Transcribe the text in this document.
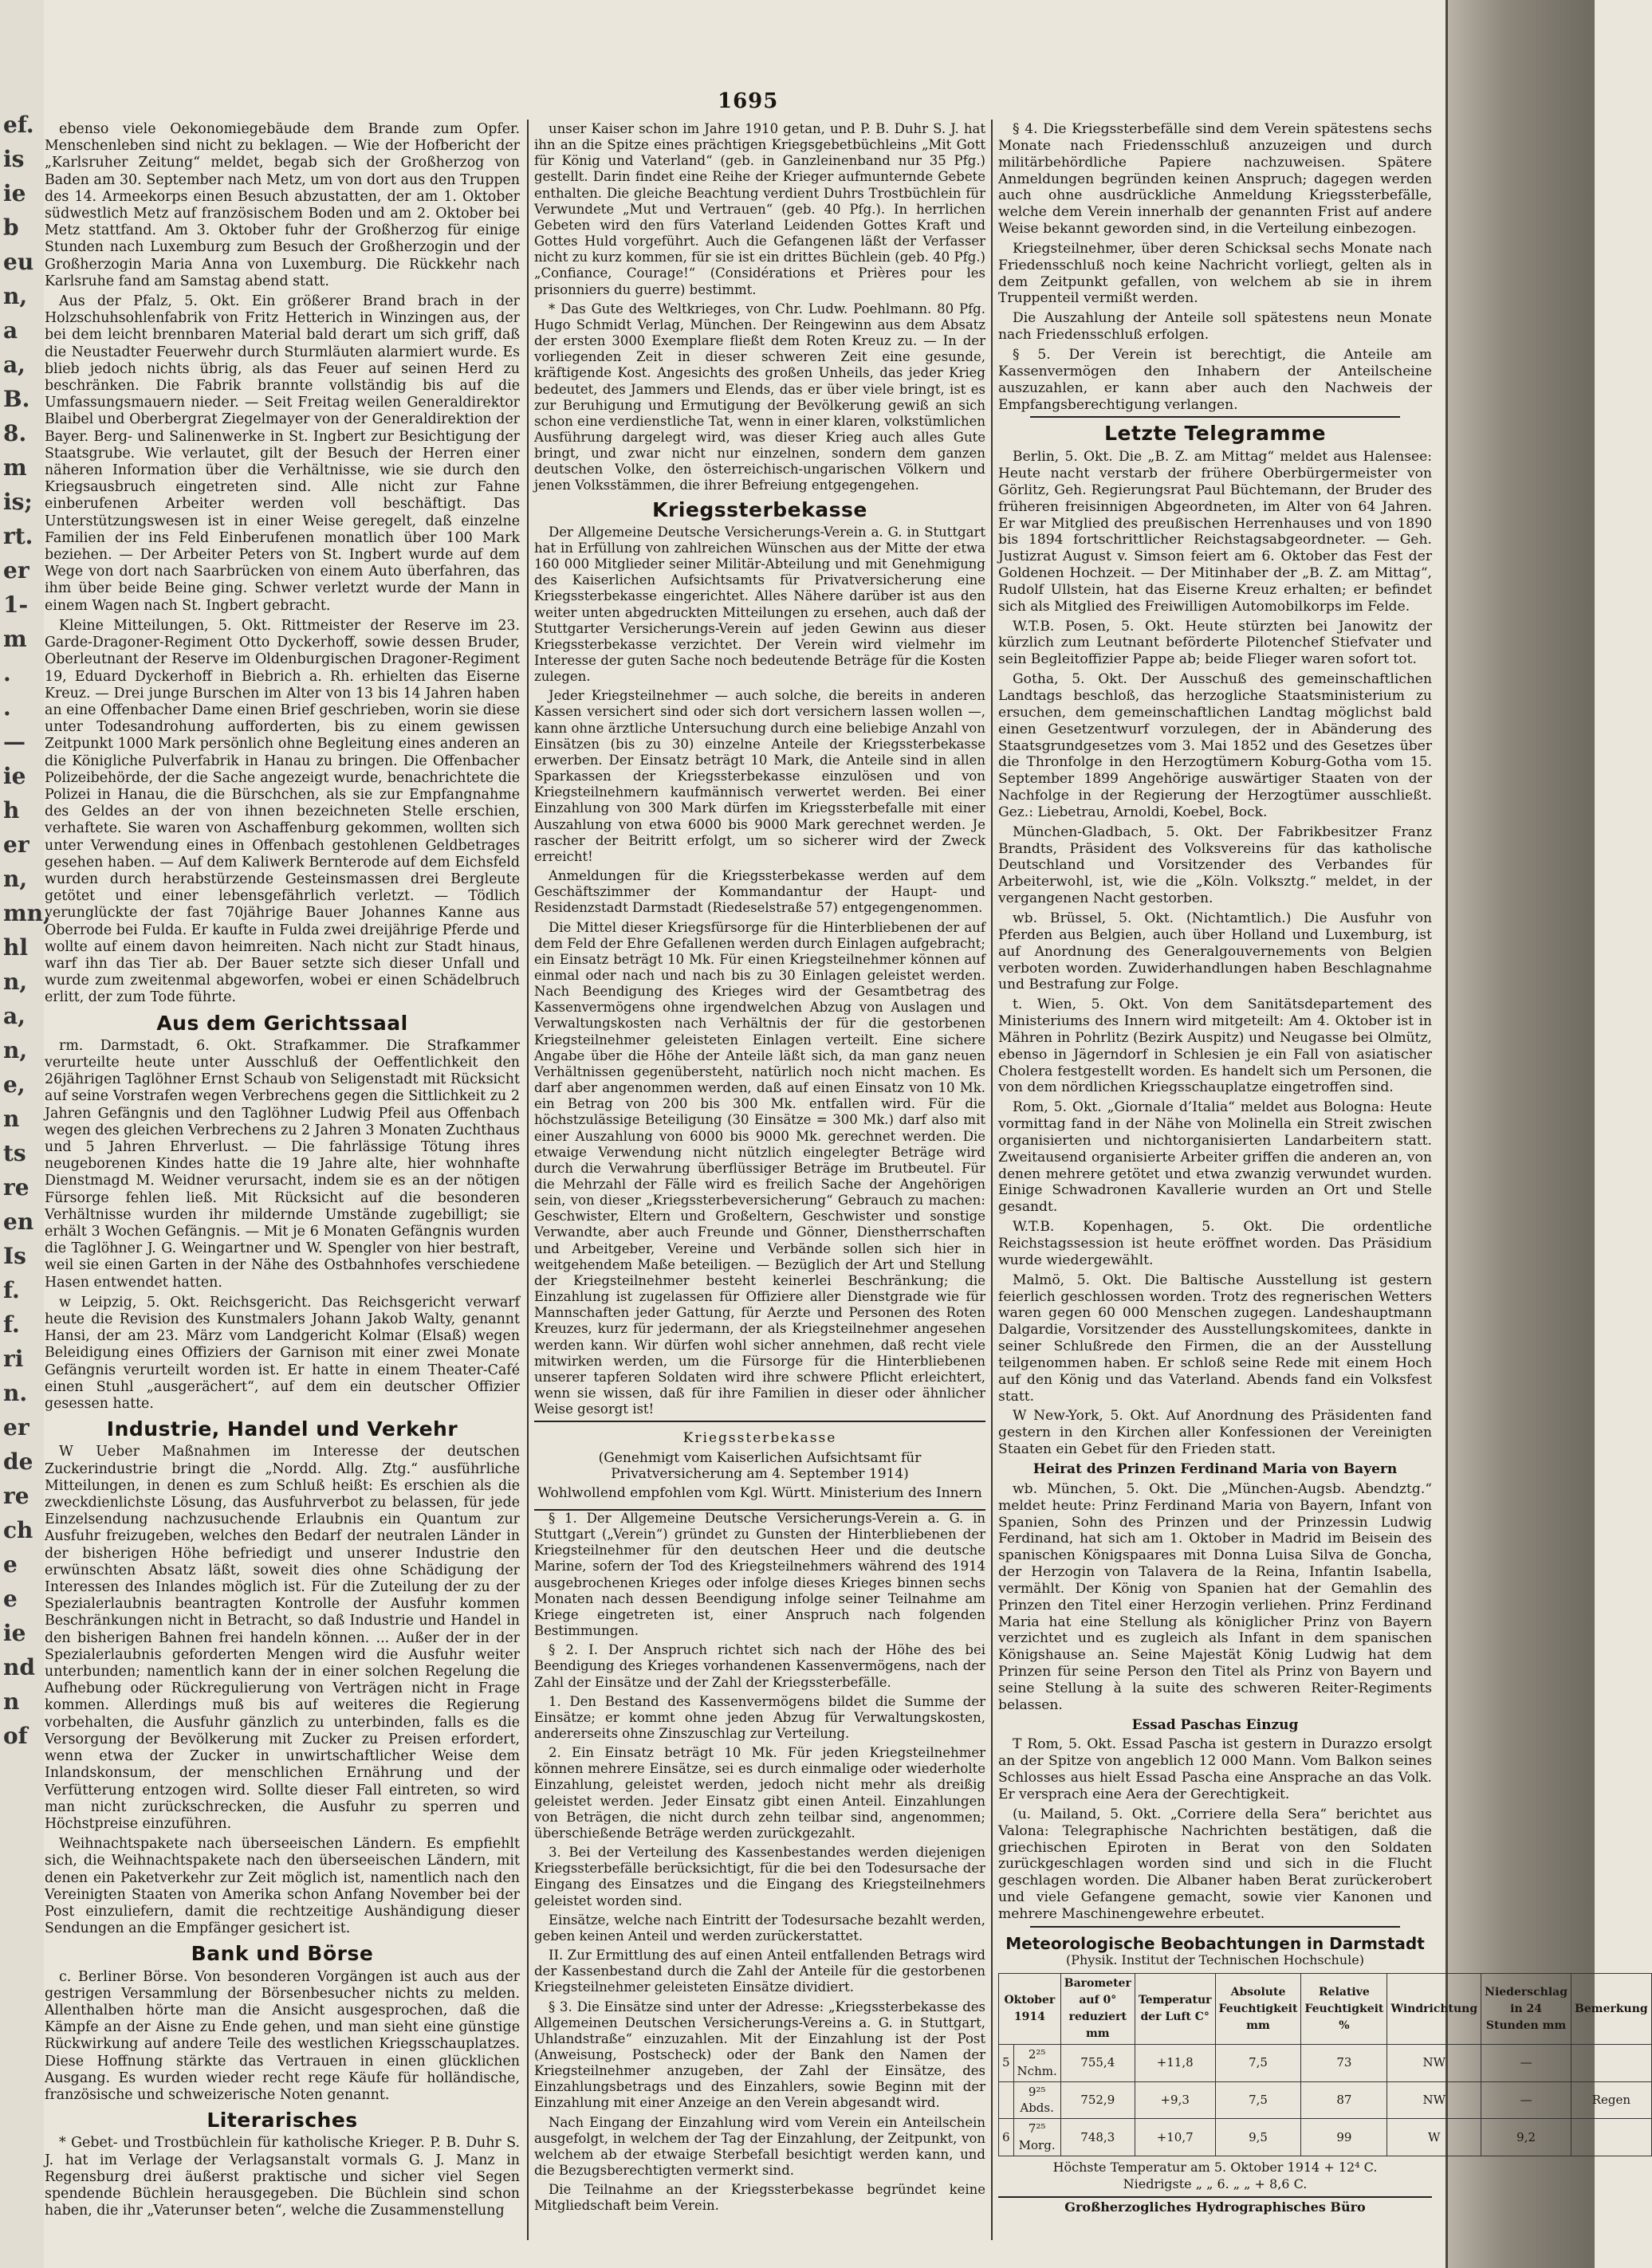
ef.
is
ie
b
eu
n,
a
a,
B.
8.
m
is;
rt.
er
1-
m
.
.
—
ie
h
er
n,
mn,
hl
n,
a,
n,
e,
n
ts
re
en
Is
f.
f.
ri
n.
er
de
re
ch
e
e
ie
nd
n
of
1695

ebenso viele Oekonomiegebäude dem Brande zum Opfer. Menschenleben sind nicht zu beklagen. — Wie der Hofbericht der „Karlsruher Zeitung“ meldet, begab sich der Großherzog von Baden am 30. September nach Metz, um von dort aus den Truppen des 14. Armeekorps einen Besuch abzustatten, der am 1. Oktober südwestlich Metz auf französischem Boden und am 2. Oktober bei Metz stattfand. Am 3. Oktober fuhr der Großherzog für einige Stunden nach Luxemburg zum Besuch der Großherzogin und der Großherzogin Maria Anna von Luxemburg. Die Rückkehr nach Karlsruhe fand am Samstag abend statt.

Aus der Pfalz, 5. Okt. Ein größerer Brand brach in der Holzschuhsohlenfabrik von Fritz Hetterich in Winzingen aus, der bei dem leicht brennbaren Material bald derart um sich griff, daß die Neustadter Feuerwehr durch Sturmläuten alarmiert wurde. Es blieb jedoch nichts übrig, als das Feuer auf seinen Herd zu beschränken. Die Fabrik brannte vollständig bis auf die Umfassungsmauern nieder. — Seit Freitag weilen Generaldirektor Blaibel und Oberbergrat Ziegelmayer von der Generaldirektion der Bayer. Berg- und Salinenwerke in St. Ingbert zur Besichtigung der Staatsgrube. Wie verlautet, gilt der Besuch der Herren einer näheren Information über die Verhältnisse, wie sie durch den Kriegsausbruch eingetreten sind. Alle nicht zur Fahne einberufenen Arbeiter werden voll beschäftigt. Das Unterstützungswesen ist in einer Weise geregelt, daß einzelne Familien der ins Feld Einberufenen monatlich über 100 Mark beziehen. — Der Arbeiter Peters von St. Ingbert wurde auf dem Wege von dort nach Saarbrücken von einem Auto überfahren, das ihm über beide Beine ging. Schwer verletzt wurde der Mann in einem Wagen nach St. Ingbert gebracht.

Kleine Mitteilungen, 5. Okt. Rittmeister der Reserve im 23. Garde-Dragoner-Regiment Otto Dyckerhoff, sowie dessen Bruder, Oberleutnant der Reserve im Oldenburgischen Dragoner-Regiment 19, Eduard Dyckerhoff in Biebrich a. Rh. erhielten das Eiserne Kreuz. — Drei junge Burschen im Alter von 13 bis 14 Jahren haben an eine Offenbacher Dame einen Brief geschrieben, worin sie diese unter Todesandrohung aufforderten, bis zu einem gewissen Zeitpunkt 1000 Mark persönlich ohne Begleitung eines anderen an die Königliche Pulverfabrik in Hanau zu bringen. Die Offenbacher Polizeibehörde, der die Sache angezeigt wurde, benachrichtete die Polizei in Hanau, die die Bürschchen, als sie zur Empfangnahme des Geldes an der von ihnen bezeichneten Stelle erschien, verhaftete. Sie waren von Aschaffenburg gekommen, wollten sich unter Verwendung eines in Offenbach gestohlenen Geldbetrages gesehen haben. — Auf dem Kaliwerk Bernterode auf dem Eichsfeld wurden durch herabstürzende Gesteinsmassen drei Bergleute getötet und einer lebensgefährlich verletzt. — Tödlich verunglückte der fast 70jährige Bauer Johannes Kanne aus Oberrode bei Fulda. Er kaufte in Fulda zwei dreijährige Pferde und wollte auf einem davon heimreiten. Nach nicht zur Stadt hinaus, warf ihn das Tier ab. Der Bauer setzte sich dieser Unfall und wurde zum zweitenmal abgeworfen, wobei er einen Schädelbruch erlitt, der zum Tode führte.

Aus dem Gerichtssaal

rm. Darmstadt, 6. Okt. Strafkammer. Die Strafkammer verurteilte heute unter Ausschluß der Oeffentlichkeit den 26jährigen Taglöhner Ernst Schaub von Seligenstadt mit Rücksicht auf seine Vorstrafen wegen Verbrechens gegen die Sittlichkeit zu 2 Jahren Gefängnis und den Taglöhner Ludwig Pfeil aus Offenbach wegen des gleichen Verbrechens zu 2 Jahren 3 Monaten Zuchthaus und 5 Jahren Ehrverlust. — Die fahrlässige Tötung ihres neugeborenen Kindes hatte die 19 Jahre alte, hier wohnhafte Dienstmagd M. Weidner verursacht, indem sie es an der nötigen Fürsorge fehlen ließ. Mit Rücksicht auf die besonderen Verhältnisse wurden ihr mildernde Umstände zugebilligt; sie erhält 3 Wochen Gefängnis. — Mit je 6 Monaten Gefängnis wurden die Taglöhner J. G. Weingartner und W. Spengler von hier bestraft, weil sie einen Garten in der Nähe des Ostbahnhofes verschiedene Hasen entwendet hatten.

w Leipzig, 5. Okt. Reichsgericht. Das Reichsgericht verwarf heute die Revision des Kunstmalers Johann Jakob Walty, genannt Hansi, der am 23. März vom Landgericht Kolmar (Elsaß) wegen Beleidigung eines Offiziers der Garnison mit einer zwei Monate Gefängnis verurteilt worden ist. Er hatte in einem Theater-Café einen Stuhl „ausgerächert“, auf dem ein deutscher Offizier gesessen hatte.

Industrie, Handel und Verkehr

W Ueber Maßnahmen im Interesse der deutschen Zuckerindustrie bringt die „Nordd. Allg. Ztg.“ ausführliche Mitteilungen, in denen es zum Schluß heißt: Es erschien als die zweckdienlichste Lösung, das Ausfuhrverbot zu belassen, für jede Einzelsendung nachzusuchende Erlaubnis ein Quantum zur Ausfuhr freizugeben, welches den Bedarf der neutralen Länder in der bisherigen Höhe befriedigt und unserer Industrie den erwünschten Absatz läßt, soweit dies ohne Schädigung der Interessen des Inlandes möglich ist. Für die Zuteilung der zu der Spezialerlaubnis beantragten Kontrolle der Ausfuhr kommen Beschränkungen nicht in Betracht, so daß Industrie und Handel in den bisherigen Bahnen frei handeln können. ... Außer der in der Spezialerlaubnis geforderten Mengen wird die Ausfuhr weiter unterbunden; namentlich kann der in einer solchen Regelung die Aufhebung oder Rückregulierung von Verträgen nicht in Frage kommen. Allerdings muß bis auf weiteres die Regierung vorbehalten, die Ausfuhr gänzlich zu unterbinden, falls es die Versorgung der Bevölkerung mit Zucker zu Preisen erfordert, wenn etwa der Zucker in unwirtschaftlicher Weise dem Inlandskonsum, der menschlichen Ernährung und der Verfütterung entzogen wird. Sollte dieser Fall eintreten, so wird man nicht zurückschrecken, die Ausfuhr zu sperren und Höchstpreise einzuführen.

Weihnachtspakete nach überseeischen Ländern. Es empfiehlt sich, die Weihnachtspakete nach den überseeischen Ländern, mit denen ein Paketverkehr zur Zeit möglich ist, namentlich nach den Vereinigten Staaten von Amerika schon Anfang November bei der Post einzuliefern, damit die rechtzeitige Aushändigung dieser Sendungen an die Empfänger gesichert ist.

Bank und Börse

c. Berliner Börse. Von besonderen Vorgängen ist auch aus der gestrigen Versammlung der Börsenbesucher nichts zu melden. Allenthalben hörte man die Ansicht ausgesprochen, daß die Kämpfe an der Aisne zu Ende gehen, und man sieht eine günstige Rückwirkung auf andere Teile des westlichen Kriegsschauplatzes. Diese Hoffnung stärkte das Vertrauen in einen glücklichen Ausgang. Es wurden wieder recht rege Käufe für holländische, französische und schweizerische Noten genannt.

Literarisches

* Gebet- und Trostbüchlein für katholische Krieger. P. B. Duhr S. J. hat im Verlage der Verlagsanstalt vormals G. J. Manz in Regensburg drei äußerst praktische und sicher viel Segen spendende Büchlein herausgegeben. Die Büchlein sind schon haben, die ihr „Vaterunser beten“, welche die Zusammenstellung

unser Kaiser schon im Jahre 1910 getan, und P. B. Duhr S. J. hat ihn an die Spitze eines prächtigen Kriegsgebetbüchleins „Mit Gott für König und Vaterland“ (geb. in Ganzleinenband nur 35 Pfg.) gestellt. Darin findet eine Reihe der Krieger aufmunternde Gebete enthalten. Die gleiche Beachtung verdient Duhrs Trostbüchlein für Verwundete „Mut und Vertrauen“ (geb. 40 Pfg.). In herrlichen Gebeten wird den fürs Vaterland Leidenden Gottes Kraft und Gottes Huld vorgeführt. Auch die Gefangenen läßt der Verfasser nicht zu kurz kommen, für sie ist ein drittes Büchlein (geb. 40 Pfg.) „Confiance, Courage!“ (Considérations et Prières pour les prisonniers du guerre) bestimmt.

* Das Gute des Weltkrieges, von Chr. Ludw. Poehlmann. 80 Pfg. Hugo Schmidt Verlag, München. Der Reingewinn aus dem Absatz der ersten 3000 Exemplare fließt dem Roten Kreuz zu. — In der vorliegenden Zeit in dieser schweren Zeit eine gesunde, kräftigende Kost. Angesichts des großen Unheils, das jeder Krieg bedeutet, des Jammers und Elends, das er über viele bringt, ist es zur Beruhigung und Ermutigung der Bevölkerung gewiß an sich schon eine verdienstliche Tat, wenn in einer klaren, volkstümlichen Ausführung dargelegt wird, was dieser Krieg auch alles Gute bringt, und zwar nicht nur einzelnen, sondern dem ganzen deutschen Volke, den österreichisch-ungarischen Völkern und jenen Volksstämmen, die ihrer Befreiung entgegengehen.

Kriegssterbekasse

Der Allgemeine Deutsche Versicherungs-Verein a. G. in Stuttgart hat in Erfüllung von zahlreichen Wünschen aus der Mitte der etwa 160 000 Mitglieder seiner Militär-Abteilung und mit Genehmigung des Kaiserlichen Aufsichtsamts für Privatversicherung eine Kriegssterbekasse eingerichtet. Alles Nähere darüber ist aus den weiter unten abgedruckten Mitteilungen zu ersehen, auch daß der Stuttgarter Versicherungs-Verein auf jeden Gewinn aus dieser Kriegssterbekasse verzichtet. Der Verein wird vielmehr im Interesse der guten Sache noch bedeutende Beträge für die Kosten zulegen.

Jeder Kriegsteilnehmer — auch solche, die bereits in anderen Kassen versichert sind oder sich dort versichern lassen wollen —, kann ohne ärztliche Untersuchung durch eine beliebige Anzahl von Einsätzen (bis zu 30) einzelne Anteile der Kriegssterbekasse erwerben. Der Einsatz beträgt 10 Mark, die Anteile sind in allen Sparkassen der Kriegssterbekasse einzulösen und von Kriegsteilnehmern kaufmännisch verwertet werden. Bei einer Einzahlung von 300 Mark dürfen im Kriegssterbefalle mit einer Auszahlung von etwa 6000 bis 9000 Mark gerechnet werden. Je rascher der Beitritt erfolgt, um so sicherer wird der Zweck erreicht!

Anmeldungen für die Kriegssterbekasse werden auf dem Geschäftszimmer der Kommandantur der Haupt- und Residenzstadt Darmstadt (Riedeselstraße 57) entgegengenommen.

Die Mittel dieser Kriegsfürsorge für die Hinterbliebenen der auf dem Feld der Ehre Gefallenen werden durch Einlagen aufgebracht; ein Einsatz beträgt 10 Mk. Für einen Kriegsteilnehmer können auf einmal oder nach und nach bis zu 30 Einlagen geleistet werden. Nach Beendigung des Krieges wird der Gesamtbetrag des Kassenvermögens ohne irgendwelchen Abzug von Auslagen und Verwaltungskosten nach Verhältnis der für die gestorbenen Kriegsteilnehmer geleisteten Einlagen verteilt. Eine sichere Angabe über die Höhe der Anteile läßt sich, da man ganz neuen Verhältnissen gegenübersteht, natürlich noch nicht machen. Es darf aber angenommen werden, daß auf einen Einsatz von 10 Mk. ein Betrag von 200 bis 300 Mk. entfallen wird. Für die höchstzulässige Beteiligung (30 Einsätze = 300 Mk.) darf also mit einer Auszahlung von 6000 bis 9000 Mk. gerechnet werden. Die etwaige Verwendung nicht nützlich eingelegter Beträge wird durch die Verwahrung überflüssiger Beträge im Brutbeutel. Für die Mehrzahl der Fälle wird es freilich Sache der Angehörigen sein, von dieser „Kriegssterbeversicherung“ Gebrauch zu machen: Geschwister, Eltern und Großeltern, Geschwister und sonstige Verwandte, aber auch Freunde und Gönner, Dienstherrschaften und Arbeitgeber, Vereine und Verbände sollen sich hier in weitgehendem Maße beteiligen. — Bezüglich der Art und Stellung der Kriegsteilnehmer besteht keinerlei Beschränkung; die Einzahlung ist zugelassen für Offiziere aller Dienstgrade wie für Mannschaften jeder Gattung, für Aerzte und Personen des Roten Kreuzes, kurz für jedermann, der als Kriegsteilnehmer angesehen werden kann. Wir dürfen wohl sicher annehmen, daß recht viele mitwirken werden, um die Fürsorge für die Hinterbliebenen unserer tapferen Soldaten wird ihre schwere Pflicht erleichtert, wenn sie wissen, daß für ihre Familien in dieser oder ähnlicher Weise gesorgt ist!

Kriegssterbekasse
(Genehmigt vom Kaiserlichen Aufsichtsamt für Privatversicherung am 4. September 1914)
Wohlwollend empfohlen vom Kgl. Württ. Ministerium des Innern

§ 1. Der Allgemeine Deutsche Versicherungs-Verein a. G. in Stuttgart („Verein“) gründet zu Gunsten der Hinterbliebenen der Kriegsteilnehmer für den deutschen Heer und die deutsche Marine, sofern der Tod des Kriegsteilnehmers während des 1914 ausgebrochenen Krieges oder infolge dieses Krieges binnen sechs Monaten nach dessen Beendigung infolge seiner Teilnahme am Kriege eingetreten ist, einer Anspruch nach folgenden Bestimmungen.

§ 2. I. Der Anspruch richtet sich nach der Höhe des bei Beendigung des Krieges vorhandenen Kassenvermögens, nach der Zahl der Einsätze und der Zahl der Kriegssterbefälle.

1. Den Bestand des Kassenvermögens bildet die Summe der Einsätze; er kommt ohne jeden Abzug für Verwaltungskosten, andererseits ohne Zinszuschlag zur Verteilung.

2. Ein Einsatz beträgt 10 Mk. Für jeden Kriegsteilnehmer können mehrere Einsätze, sei es durch einmalige oder wiederholte Einzahlung, geleistet werden, jedoch nicht mehr als dreißig geleistet werden. Jeder Einsatz gibt einen Anteil. Einzahlungen von Beträgen, die nicht durch zehn teilbar sind, angenommen; überschießende Beträge werden zurückgezahlt.

3. Bei der Verteilung des Kassenbestandes werden diejenigen Kriegssterbefälle berücksichtigt, für die bei den Todesursache der Eingang des Einsatzes und die Eingang des Kriegsteilnehmers geleistet worden sind.

Einsätze, welche nach Eintritt der Todesursache bezahlt werden, geben keinen Anteil und werden zurückerstattet.

II. Zur Ermittlung des auf einen Anteil entfallenden Betrags wird der Kassenbestand durch die Zahl der Anteile für die gestorbenen Kriegsteilnehmer geleisteten Einsätze dividiert.

§ 3. Die Einsätze sind unter der Adresse: „Kriegssterbekasse des Allgemeinen Deutschen Versicherungs-Vereins a. G. in Stuttgart, Uhlandstraße“ einzuzahlen. Mit der Einzahlung ist der Post (Anweisung, Postscheck) oder der Bank den Namen der Kriegsteilnehmer anzugeben, der Zahl der Einsätze, des Einzahlungsbetrags und des Einzahlers, sowie Beginn mit der Einzahlung mit einer Anzeige an den Verein abgesandt wird.

Nach Eingang der Einzahlung wird vom Verein ein Anteilschein ausgefolgt, in welchem der Tag der Einzahlung, der Zeitpunkt, von welchem ab der etwaige Sterbefall besichtigt werden kann, und die Bezugsberechtigten vermerkt sind.

Die Teilnahme an der Kriegssterbekasse begründet keine Mitgliedschaft beim Verein.

§ 4. Die Kriegssterbefälle sind dem Verein spätestens sechs Monate nach Friedensschluß anzuzeigen und durch militärbehördliche Papiere nachzuweisen. Spätere Anmeldungen begründen keinen Anspruch; dagegen werden auch ohne ausdrückliche Anmeldung Kriegssterbefälle, welche dem Verein innerhalb der genannten Frist auf andere Weise bekannt geworden sind, in die Verteilung einbezogen.

Kriegsteilnehmer, über deren Schicksal sechs Monate nach Friedensschluß noch keine Nachricht vorliegt, gelten als in dem Zeitpunkt gefallen, von welchem ab sie in ihrem Truppenteil vermißt werden.

Die Auszahlung der Anteile soll spätestens neun Monate nach Friedensschluß erfolgen.

§ 5. Der Verein ist berechtigt, die Anteile am Kassenvermögen den Inhabern der Anteilscheine auszuzahlen, er kann aber auch den Nachweis der Empfangsberechtigung verlangen.

Letzte Telegramme

Berlin, 5. Okt. Die „B. Z. am Mittag“ meldet aus Halensee: Heute nacht verstarb der frühere Oberbürgermeister von Görlitz, Geh. Regierungsrat Paul Büchtemann, der Bruder des früheren freisinnigen Abgeordneten, im Alter von 64 Jahren. Er war Mitglied des preußischen Herrenhauses und von 1890 bis 1894 fortschrittlicher Reichstagsabgeordneter. — Geh. Justizrat August v. Simson feiert am 6. Oktober das Fest der Goldenen Hochzeit. — Der Mitinhaber der „B. Z. am Mittag“, Rudolf Ullstein, hat das Eiserne Kreuz erhalten; er befindet sich als Mitglied des Freiwilligen Automobilkorps im Felde.

W.T.B. Posen, 5. Okt. Heute stürzten bei Janowitz der kürzlich zum Leutnant beförderte Pilotenchef Stiefvater und sein Begleitoffizier Pappe ab; beide Flieger waren sofort tot.

Gotha, 5. Okt. Der Ausschuß des gemeinschaftlichen Landtags beschloß, das herzogliche Staatsministerium zu ersuchen, dem gemeinschaftlichen Landtag möglichst bald einen Gesetzentwurf vorzulegen, der in Abänderung des Staatsgrundgesetzes vom 3. Mai 1852 und des Gesetzes über die Thronfolge in den Herzogtümern Koburg-Gotha vom 15. September 1899 Angehörige auswärtiger Staaten von der Nachfolge in der Regierung der Herzogtümer ausschließt. Gez.: Liebetrau, Arnoldi, Koebel, Bock.

München-Gladbach, 5. Okt. Der Fabrikbesitzer Franz Brandts, Präsident des Volksvereins für das katholische Deutschland und Vorsitzender des Verbandes für Arbeiterwohl, ist, wie die „Köln. Volksztg.“ meldet, in der vergangenen Nacht gestorben.

wb. Brüssel, 5. Okt. (Nichtamtlich.) Die Ausfuhr von Pferden aus Belgien, auch über Holland und Luxemburg, ist auf Anordnung des Generalgouvernements von Belgien verboten worden. Zuwiderhandlungen haben Beschlagnahme und Bestrafung zur Folge.

t. Wien, 5. Okt. Von dem Sanitätsdepartement des Ministeriums des Innern wird mitgeteilt: Am 4. Oktober ist in Mähren in Pohrlitz (Bezirk Auspitz) und Neugasse bei Olmütz, ebenso in Jägerndorf in Schlesien je ein Fall von asiatischer Cholera festgestellt worden. Es handelt sich um Personen, die von dem nördlichen Kriegsschauplatze eingetroffen sind.

Rom, 5. Okt. „Giornale d’Italia“ meldet aus Bologna: Heute vormittag fand in der Nähe von Molinella ein Streit zwischen organisierten und nichtorganisierten Landarbeitern statt. Zweitausend organisierte Arbeiter griffen die anderen an, von denen mehrere getötet und etwa zwanzig verwundet wurden. Einige Schwadronen Kavallerie wurden an Ort und Stelle gesandt.

W.T.B. Kopenhagen, 5. Okt. Die ordentliche Reichstagssession ist heute eröffnet worden. Das Präsidium wurde wiedergewählt.

Malmö, 5. Okt. Die Baltische Ausstellung ist gestern feierlich geschlossen worden. Trotz des regnerischen Wetters waren gegen 60 000 Menschen zugegen. Landeshauptmann Dalgardie, Vorsitzender des Ausstellungskomitees, dankte in seiner Schlußrede den Firmen, die an der Ausstellung teilgenommen haben. Er schloß seine Rede mit einem Hoch auf den König und das Vaterland. Abends fand ein Volksfest statt.

W New-York, 5. Okt. Auf Anordnung des Präsidenten fand gestern in den Kirchen aller Konfessionen der Vereinigten Staaten ein Gebet für den Frieden statt.

Heirat des Prinzen Ferdinand Maria von Bayern

wb. München, 5. Okt. Die „München-Augsb. Abendztg.“ meldet heute: Prinz Ferdinand Maria von Bayern, Infant von Spanien, Sohn des Prinzen und der Prinzessin Ludwig Ferdinand, hat sich am 1. Oktober in Madrid im Beisein des spanischen Königspaares mit Donna Luisa Silva de Goncha, der Herzogin von Talavera de la Reina, Infantin Isabella, vermählt. Der König von Spanien hat der Gemahlin des Prinzen den Titel einer Herzogin verliehen. Prinz Ferdinand Maria hat eine Stellung als königlicher Prinz von Bayern verzichtet und es zugleich als Infant in dem spanischen Königshause an. Seine Majestät König Ludwig hat dem Prinzen für seine Person den Titel als Prinz von Bayern und seine Stellung à la suite des schweren Reiter-Regiments belassen.

Essad Paschas Einzug

T Rom, 5. Okt. Essad Pascha ist gestern in Durazzo ersolgt an der Spitze von angeblich 12 000 Mann. Vom Balkon seines Schlosses aus hielt Essad Pascha eine Ansprache an das Volk. Er versprach eine Aera der Gerechtigkeit.

(u. Mailand, 5. Okt. „Corriere della Sera“ berichtet aus Valona: Telegraphische Nachrichten bestätigen, daß die griechischen Epiroten in Berat von den Soldaten zurückgeschlagen worden sind und sich in die Flucht geschlagen worden. Die Albaner haben Berat zurückerobert und viele Gefangene gemacht, sowie vier Kanonen und mehrere Maschinengewehre erbeutet.

Meteorologische Beobachtungen in Darmstadt
(Physik. Institut der Technischen Hochschule)
Oktober 1914		Barometer auf 0° reduziert mm	Temperatur der Luft C°	Absolute Feuchtigkeit mm	Relative Feuchtigkeit %	Windrichtung	Niederschlag in 24 Stunden mm	Bemerkung
5	2²⁵ Nchm.	755,4	+11,8	7,5	73	NW	—	
	9²⁵ Abds.	752,9	+9,3	7,5	87	NW	—	Regen
6	7²⁵ Morg.	748,3	+10,7	9,5	99	W	9,2	
Höchste Temperatur am 5. Oktober 1914 + 12⁴ C.
Niedrigste „ „ 6. „ „ + 8,6 C.
Großherzogliches Hydrographisches Büro
